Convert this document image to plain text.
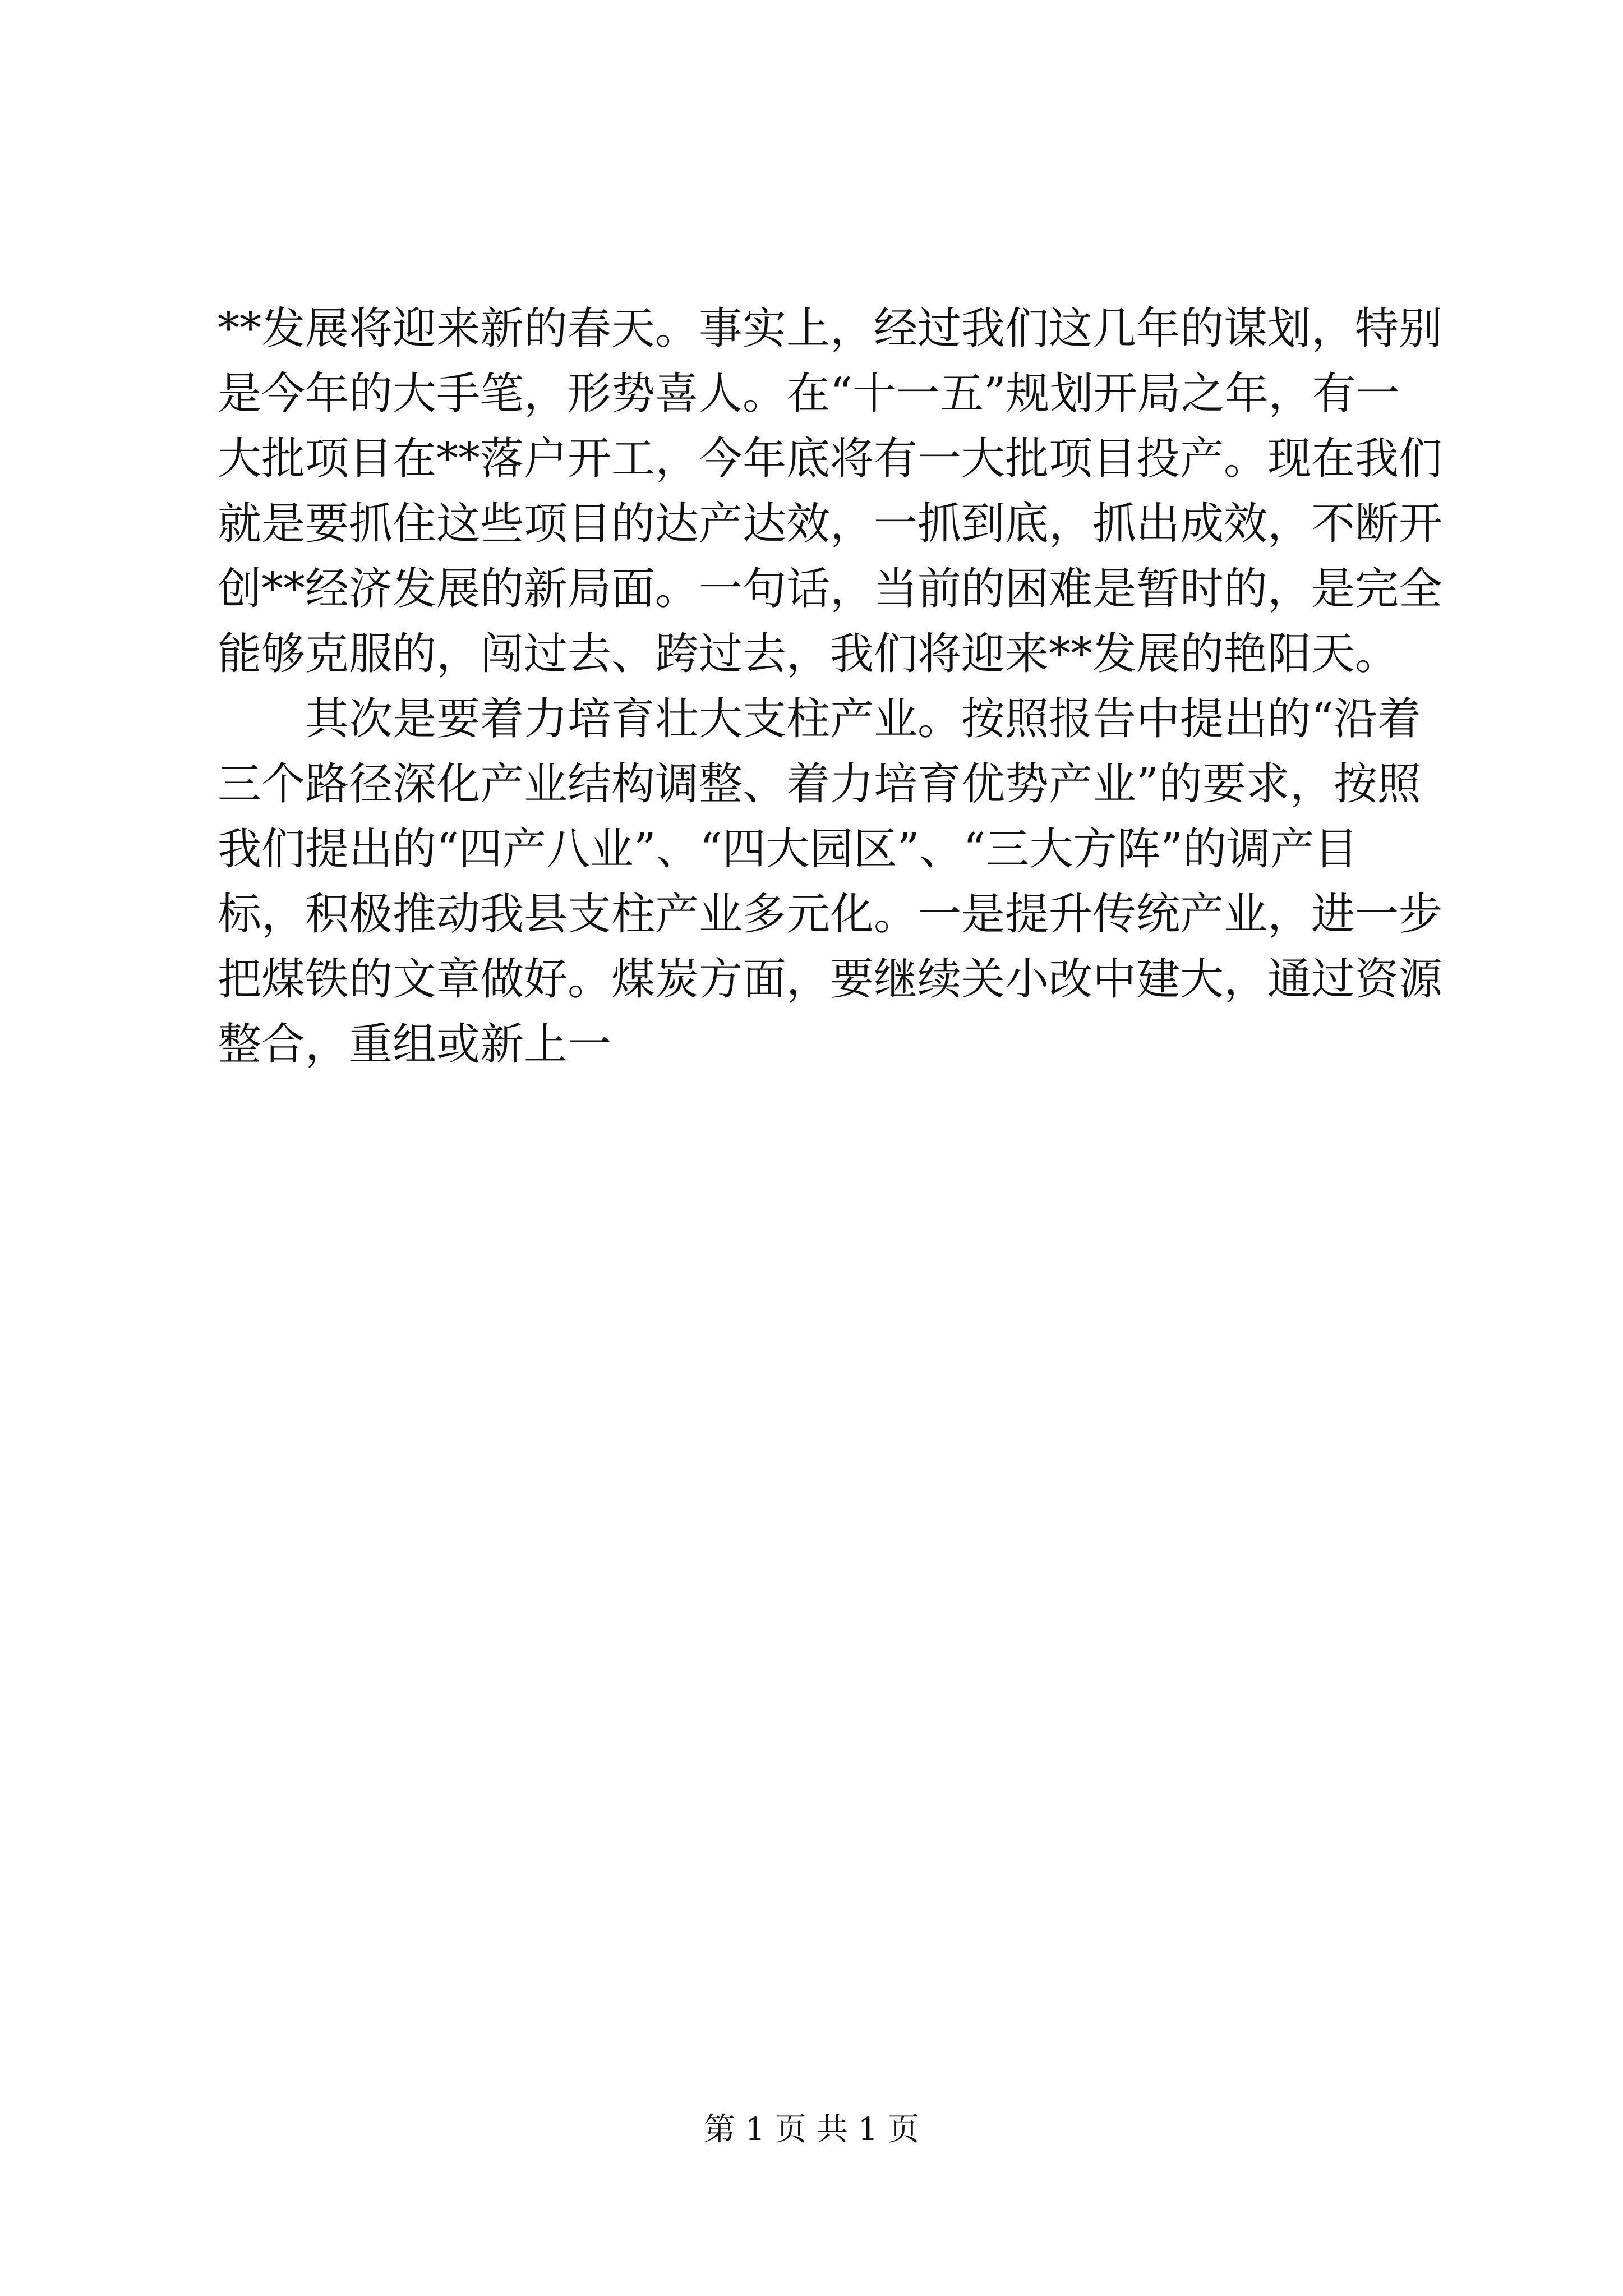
**发展将迎来新的春天。事实上，经过我们这几年的谋划，特别
是今年的大手笔，形势喜人。在“十一五”规划开局之年，有一
大批项目在**落户开工，今年底将有一大批项目投产。现在我们
就是要抓住这些项目的达产达效，一抓到底，抓出成效，不断开
创**经济发展的新局面。一句话，当前的困难是暂时的，是完全
能够克服的，闯过去、跨过去，我们将迎来**发展的艳阳天。
其次是要着力培育壮大支柱产业。按照报告中提出的“沿着
三个路径深化产业结构调整、着力培育优势产业”的要求，按照
我们提出的“四产八业”、“四大园区”、“三大方阵”的调产目
标，积极推动我县支柱产业多元化。一是提升传统产业，进一步
把煤铁的文章做好。煤炭方面，要继续关小改中建大，通过资源
整合，重组或新上一
第 1 页 共 1 页
